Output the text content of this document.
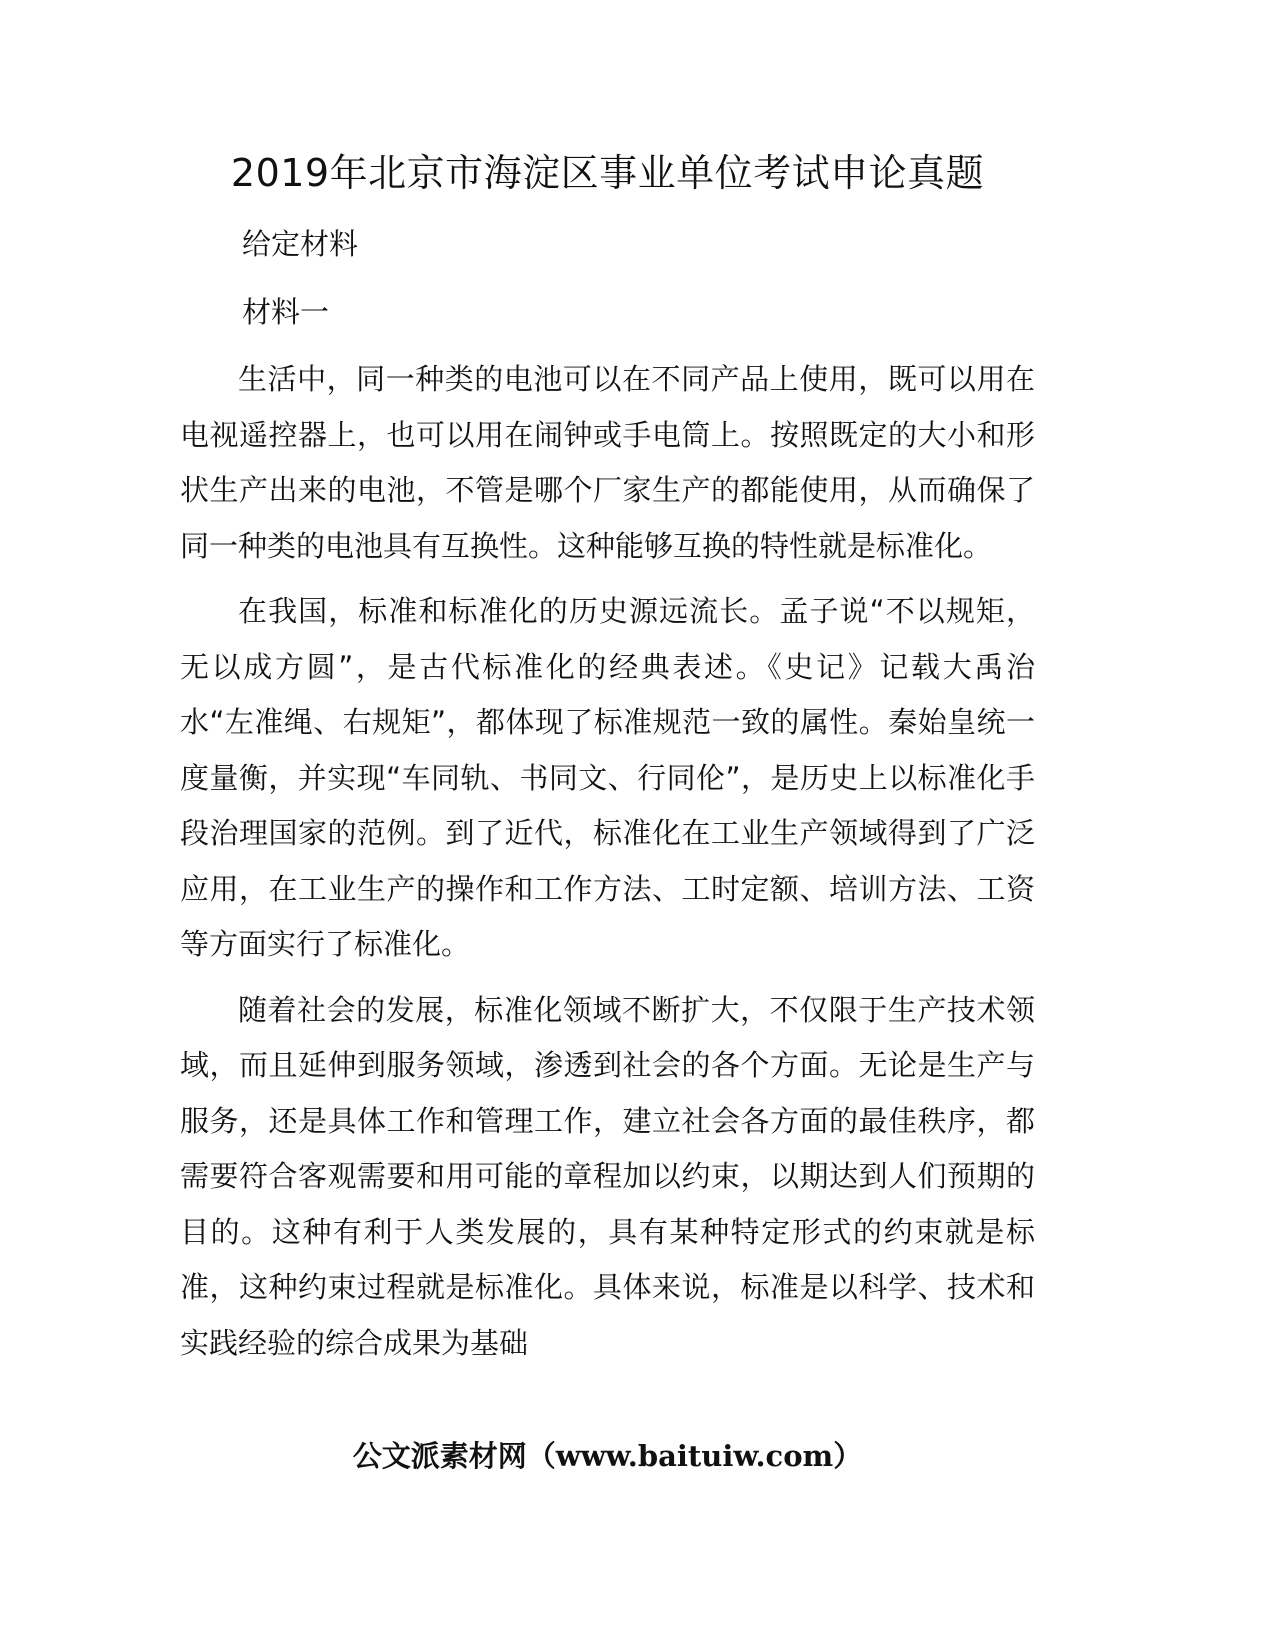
2019年北京市海淀区事业单位考试申论真题
给定材料
材料一

生活中，同一种类的电池可以在不同产品上使用，既可以用在电视遥控器上，也可以用在闹钟或手电筒上。按照既定的大小和形状生产出来的电池，不管是哪个厂家生产的都能使用，从而确保了同一种类的电池具有互换性。这种能够互换的特性就是标准化。

在我国，标准和标准化的历史源远流长。孟子说“不以规矩，无以成方圆”，是古代标准化的经典表述。《史记》记载大禹治水“左准绳、右规矩”，都体现了标准规范一致的属性。秦始皇统一度量衡，并实现“车同轨、书同文、行同伦”，是历史上以标准化手段治理国家的范例。到了近代，标准化在工业生产领域得到了广泛应用，在工业生产的操作和工作方法、工时定额、培训方法、工资等方面实行了标准化。

随着社会的发展，标准化领域不断扩大，不仅限于生产技术领域，而且延伸到服务领域，渗透到社会的各个方面。无论是生产与服务，还是具体工作和管理工作，建立社会各方面的最佳秩序，都需要符合客观需要和用可能的章程加以约束，以期达到人们预期的目的。这种有利于人类发展的，具有某种特定形式的约束就是标准，这种约束过程就是标准化。具体来说，标准是以科学、技术和实践经验的综合成果为基础

公文派素材网（www.baituiw.com）
